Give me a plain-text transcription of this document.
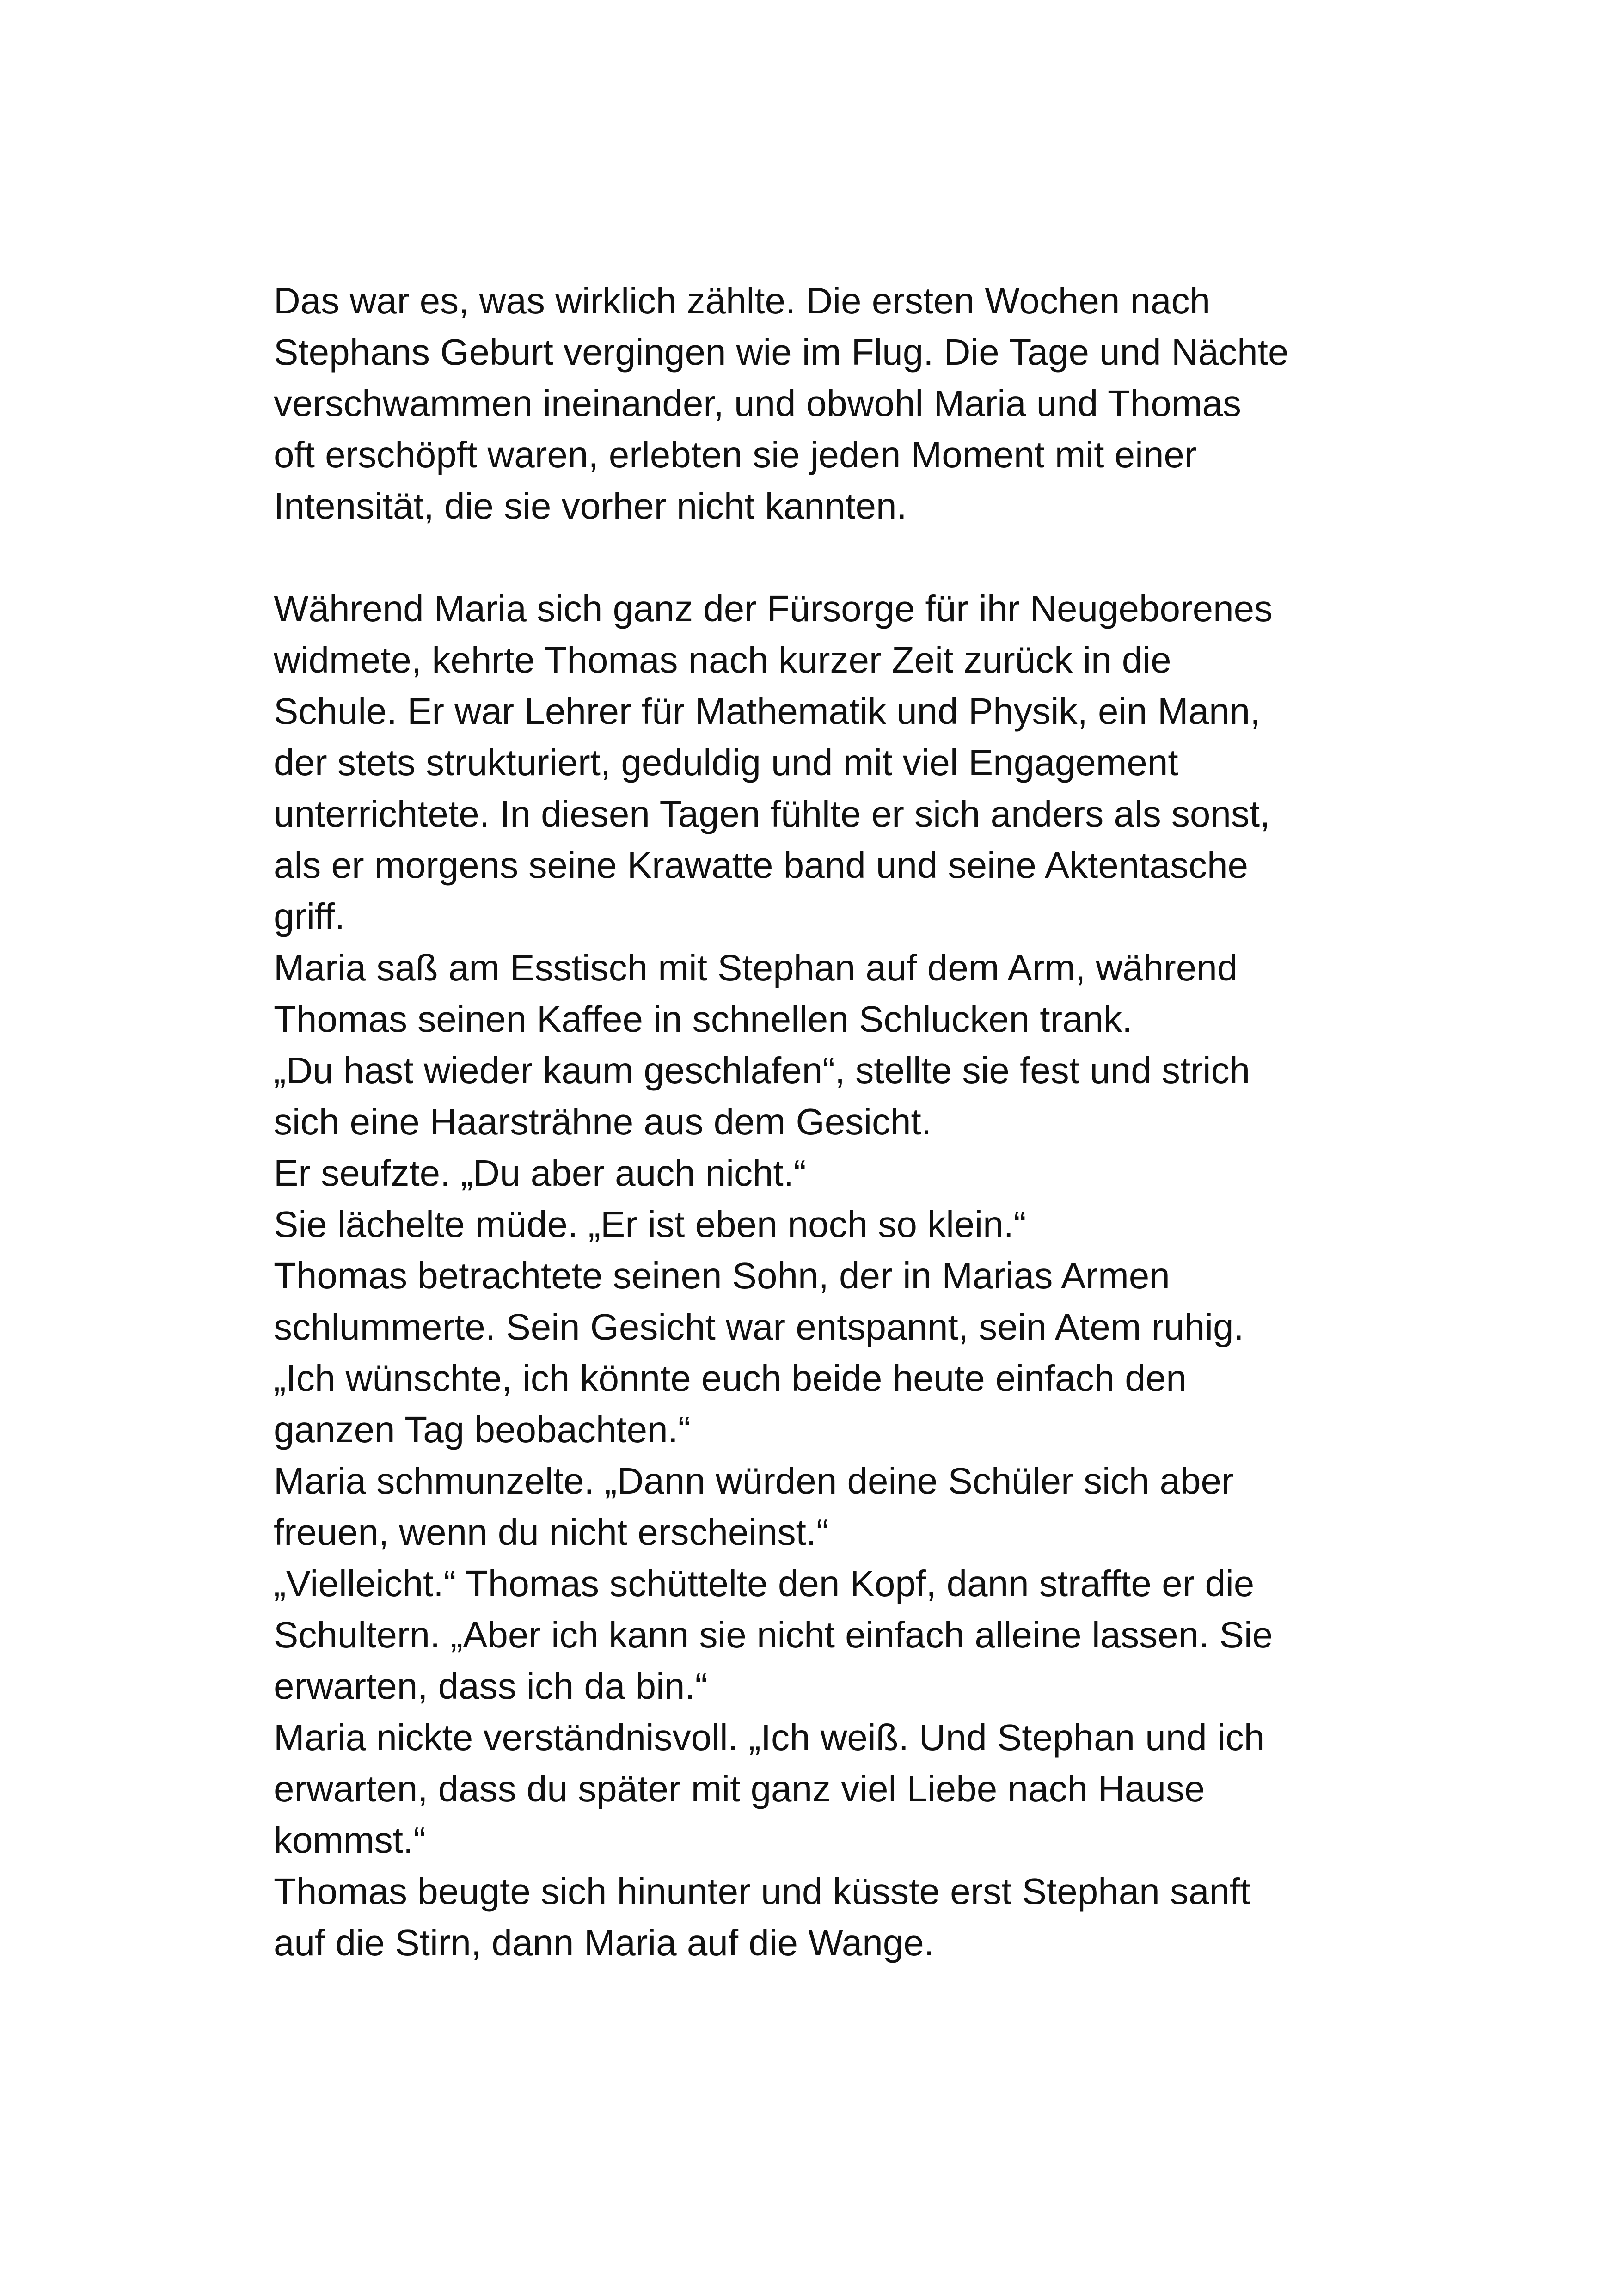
Das war es, was wirklich zählte. Die ersten Wochen nach
Stephans Geburt vergingen wie im Flug. Die Tage und Nächte
verschwammen ineinander, und obwohl Maria und Thomas
oft erschöpft waren, erlebten sie jeden Moment mit einer
Intensität, die sie vorher nicht kannten.
Während Maria sich ganz der Fürsorge für ihr Neugeborenes
widmete, kehrte Thomas nach kurzer Zeit zurück in die
Schule. Er war Lehrer für Mathematik und Physik, ein Mann,
der stets strukturiert, geduldig und mit viel Engagement
unterrichtete. In diesen Tagen fühlte er sich anders als sonst,
als er morgens seine Krawatte band und seine Aktentasche
griff.
Maria saß am Esstisch mit Stephan auf dem Arm, während
Thomas seinen Kaffee in schnellen Schlucken trank.
„Du hast wieder kaum geschlafen“, stellte sie fest und strich
sich eine Haarsträhne aus dem Gesicht.
Er seufzte. „Du aber auch nicht.“
Sie lächelte müde. „Er ist eben noch so klein.“
Thomas betrachtete seinen Sohn, der in Marias Armen
schlummerte. Sein Gesicht war entspannt, sein Atem ruhig.
„Ich wünschte, ich könnte euch beide heute einfach den
ganzen Tag beobachten.“
Maria schmunzelte. „Dann würden deine Schüler sich aber
freuen, wenn du nicht erscheinst.“
„Vielleicht.“ Thomas schüttelte den Kopf, dann straffte er die
Schultern. „Aber ich kann sie nicht einfach alleine lassen. Sie
erwarten, dass ich da bin.“
Maria nickte verständnisvoll. „Ich weiß. Und Stephan und ich
erwarten, dass du später mit ganz viel Liebe nach Hause
kommst.“
Thomas beugte sich hinunter und küsste erst Stephan sanft
auf die Stirn, dann Maria auf die Wange.
